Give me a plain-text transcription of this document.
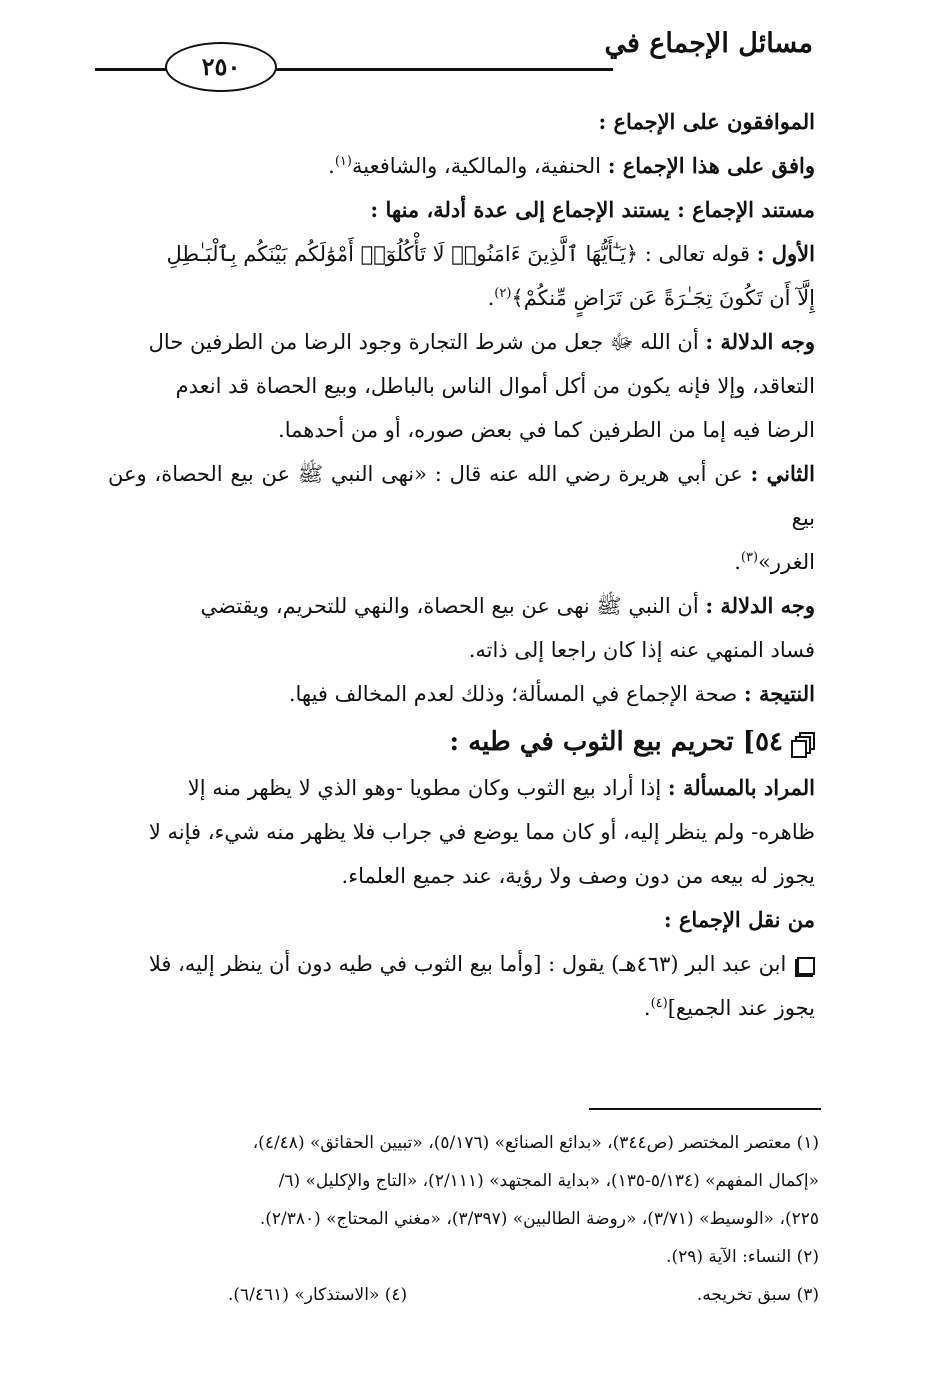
مسائل الإجماع في
٢٥٠

الموافقون على الإجماع :

وافق على هذا الإجماع : الحنفية، والمالكية، والشافعية$^{(١)}$.

مستند الإجماع : يستند الإجماع إلى عدة أدلة، منها :

الأول : قوله تعالى : ﴿يَـٰٓأَيُّهَا ٱلَّذِينَ ءَامَنُوا۟ لَا تَأْكُلُوٓا۟ أَمْوَٰلَكُم بَيْنَكُم بِٱلْبَـٰطِلِ

إِلَّآ أَن تَكُونَ تِجَـٰرَةً عَن تَرَاضٍ مِّنكُمْ﴾$^{(٢)}$.

وجه الدلالة : أن الله ﷻ جعل من شرط التجارة وجود الرضا من الطرفين حال

التعاقد، وإلا فإنه يكون من أكل أموال الناس بالباطل، وبيع الحصاة قد انعدم

الرضا فيه إما من الطرفين كما في بعض صوره، أو من أحدهما.

الثاني : عن أبي هريرة رضي الله عنه قال : «نهى النبي ﷺ عن بيع الحصاة، وعن بيع

الغرر»$^{(٣)}$.

وجه الدلالة : أن النبي ﷺ نهى عن بيع الحصاة، والنهي للتحريم، ويقتضي

فساد المنهي عنه إذا كان راجعا إلى ذاته.

النتيجة : صحة الإجماع في المسألة؛ وذلك لعدم المخالف فيها.

٥٤] تحريم بيع الثوب في طيه :

المراد بالمسألة : إذا أراد بيع الثوب وكان مطويا -وهو الذي لا يظهر منه إلا

ظاهره- ولم ينظر إليه، أو كان مما يوضع في جراب فلا يظهر منه شيء، فإنه لا

يجوز له بيعه من دون وصف ولا رؤية، عند جميع العلماء.

من نقل الإجماع :

ابن عبد البر (٤٦٣هـ) يقول : [وأما بيع الثوب في طيه دون أن ينظر إليه، فلا

يجوز عند الجميع]$^{(٤)}$.

(١) معتصر المختصر (ص٣٤٤)، «بدائع الصنائع» (٥/١٧٦)، «تبيين الحقائق» (٤/٤٨)،
«إكمال المفهم» (٥/١٣٤-١٣٥)، «بداية المجتهد» (٢/١١١)، «التاج والإكليل» (٦/
٢٢٥)، «الوسيط» (٣/٧١)، «روضة الطالبين» (٣/٣٩٧)، «مغني المحتاج» (٢/٣٨٠).
(٢) النساء: الآية (٢٩).
(٣) سبق تخريجه.
(٤) «الاستذكار» (٦/٤٦١).
